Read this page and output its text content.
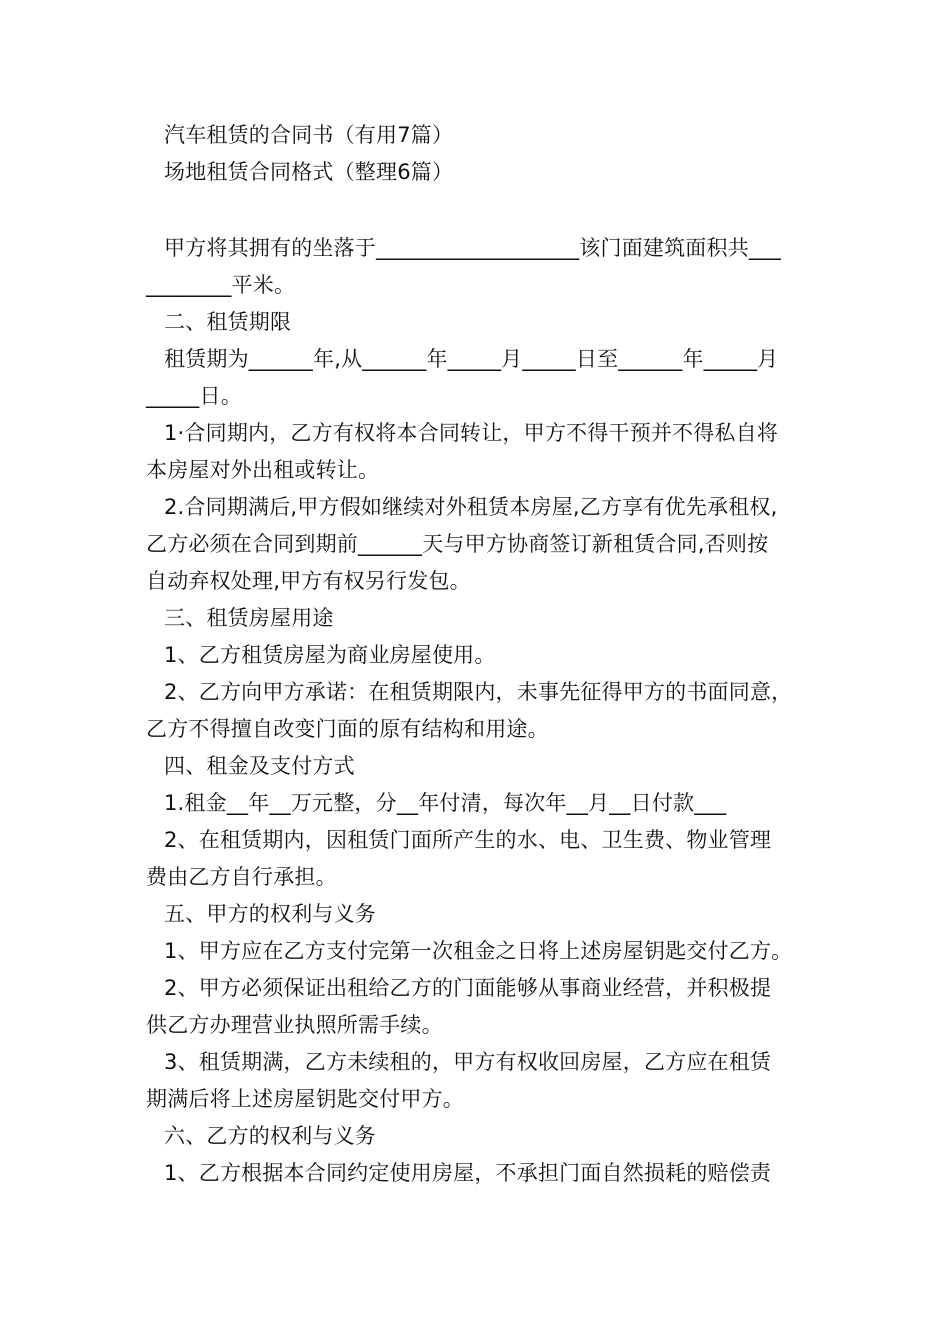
汽车租赁的合同书（有用7篇）
场地租赁合同格式（整理6篇）
甲方将其拥有的坐落于___________________该门面建筑面积共___
________平米。
二、租赁期限
租赁期为______年,从______年_____月_____日至______年_____月
_____日。
1·合同期内，乙方有权将本合同转让，甲方不得干预并不得私自将
本房屋对外出租或转让。
2.合同期满后,甲方假如继续对外租赁本房屋,乙方享有优先承租权,
乙方必须在合同到期前______天与甲方协商签订新租赁合同,否则按
自动弃权处理,甲方有权另行发包。
三、租赁房屋用途
1、乙方租赁房屋为商业房屋使用。
2、乙方向甲方承诺：在租赁期限内，未事先征得甲方的书面同意，
乙方不得擅自改变门面的原有结构和用途。
四、租金及支付方式
1.租金__年__万元整，分__年付清，每次年__月__日付款___
2、在租赁期内，因租赁门面所产生的水、电、卫生费、物业管理
费由乙方自行承担。
五、甲方的权利与义务
1、甲方应在乙方支付完第一次租金之日将上述房屋钥匙交付乙方。
2、甲方必须保证出租给乙方的门面能够从事商业经营，并积极提
供乙方办理营业执照所需手续。
3、租赁期满，乙方未续租的，甲方有权收回房屋，乙方应在租赁
期满后将上述房屋钥匙交付甲方。
六、乙方的权利与义务
1、乙方根据本合同约定使用房屋，不承担门面自然损耗的赔偿责
